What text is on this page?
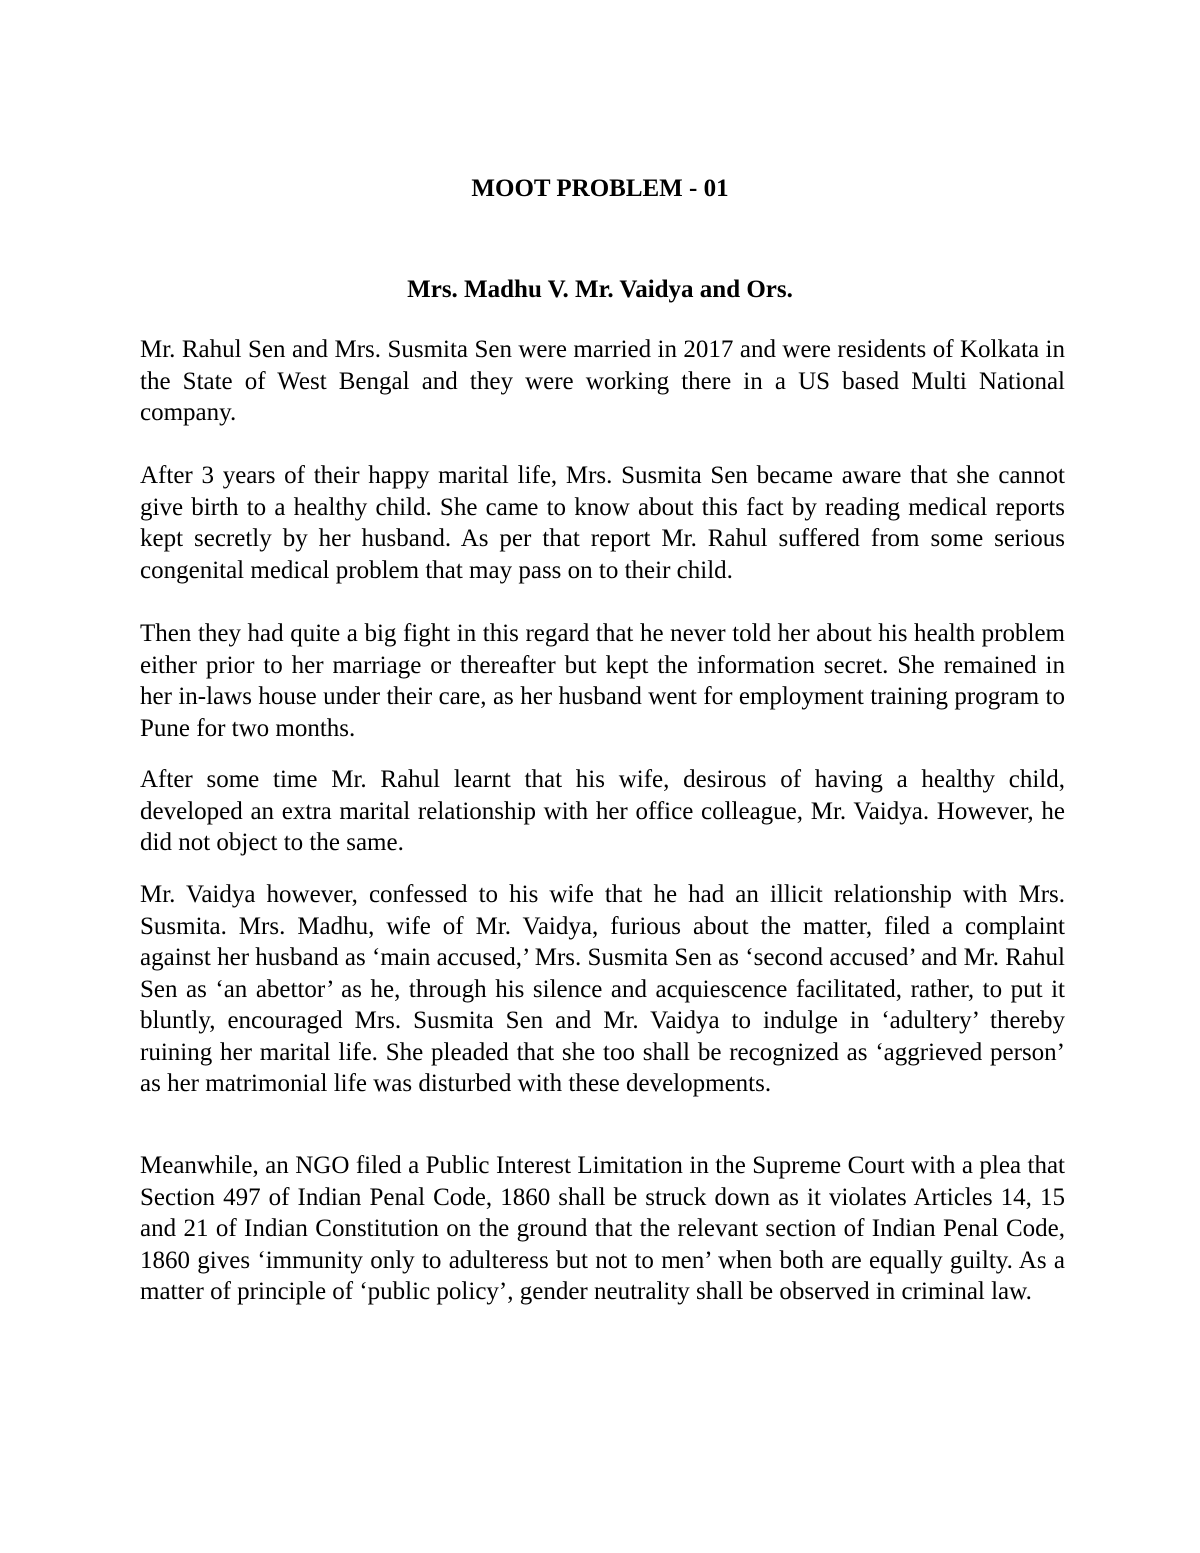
MOOT PROBLEM - 01
Mrs. Madhu V. Mr. Vaidya and Ors.

Mr. Rahul Sen and Mrs. Susmita Sen were married in 2017 and were residents of Kolkata in the State of West Bengal and they were working there in a US based Multi National company.

After 3 years of their happy marital life, Mrs. Susmita Sen became aware that she cannot give birth to a healthy child. She came to know about this fact by reading medical reports kept secretly by her husband. As per that report Mr. Rahul suffered from some serious congenital medical problem that may pass on to their child.

Then they had quite a big fight in this regard that he never told her about his health problem either prior to her marriage or thereafter but kept the information secret. She remained in her in-laws house under their care, as her husband went for employment training program to Pune for two months.

After some time Mr. Rahul learnt that his wife, desirous of having a healthy child, developed an extra marital relationship with her office colleague, Mr. Vaidya. However, he did not object to the same.

Mr. Vaidya however, confessed to his wife that he had an illicit relationship with Mrs. Susmita. Mrs. Madhu, wife of Mr. Vaidya, furious about the matter, filed a complaint against her husband as ‘main accused,’ Mrs. Susmita Sen as ‘second accused’ and Mr. Rahul Sen as ‘an abettor’ as he, through his silence and acquiescence facilitated, rather, to put it bluntly, encouraged Mrs. Susmita Sen and Mr. Vaidya to indulge in ‘adultery’ thereby ruining her marital life. She pleaded that she too shall be recognized as ‘aggrieved person’ as her matrimonial life was disturbed with these developments.

Meanwhile, an NGO filed a Public Interest Limitation in the Supreme Court with a plea that Section 497 of Indian Penal Code, 1860 shall be struck down as it violates Articles 14, 15 and 21 of Indian Constitution on the ground that the relevant section of Indian Penal Code, 1860 gives ‘immunity only to adulteress but not to men’ when both are equally guilty. As a matter of principle of ‘public policy’, gender neutrality shall be observed in criminal law.
